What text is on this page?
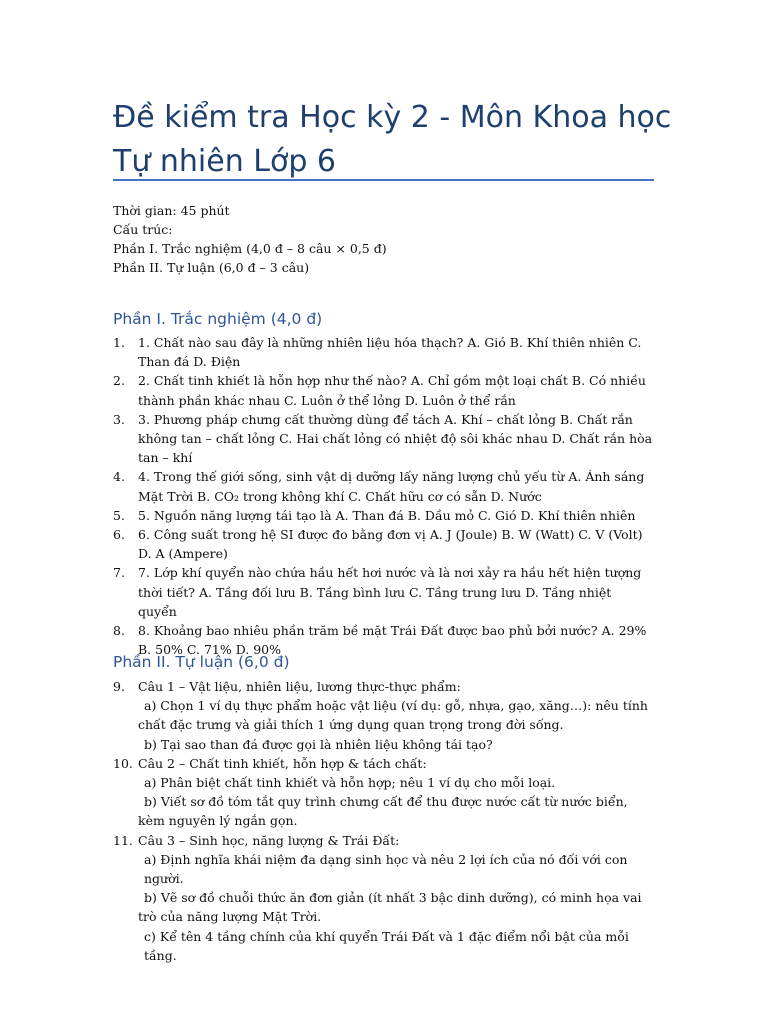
Đề kiểm tra Học kỳ 2 - Môn Khoa học Tự nhiên Lớp 6
Thời gian: 45 phút
Cấu trúc:
Phần I. Trắc nghiệm (4,0 đ – 8 câu × 0,5 đ)
Phần II. Tự luận (6,0 đ – 3 câu)
Phần I. Trắc nghiệm (4,0 đ)
1. 1. Chất nào sau đây là những nhiên liệu hóa thạch? A. Gió B. Khí thiên nhiên C. Than đá D. Điện
2. 2. Chất tinh khiết là hỗn hợp như thế nào? A. Chỉ gồm một loại chất B. Có nhiều thành phần khác nhau C. Luôn ở thể lỏng D. Luôn ở thể rắn
3. 3. Phương pháp chưng cất thường dùng để tách A. Khí – chất lỏng B. Chất rắn không tan – chất lỏng C. Hai chất lỏng có nhiệt độ sôi khác nhau D. Chất rắn hòa tan – khí
4. 4. Trong thế giới sống, sinh vật dị dưỡng lấy năng lượng chủ yếu từ A. Ánh sáng Mặt Trời B. CO₂ trong không khí C. Chất hữu cơ có sẵn D. Nước
5. 5. Nguồn năng lượng tái tạo là A. Than đá B. Dầu mỏ C. Gió D. Khí thiên nhiên
6. 6. Công suất trong hệ SI được đo bằng đơn vị A. J (Joule) B. W (Watt) C. V (Volt) D. A (Ampere)
7. 7. Lớp khí quyển nào chứa hầu hết hơi nước và là nơi xảy ra hầu hết hiện tượng thời tiết? A. Tầng đối lưu B. Tầng bình lưu C. Tầng trung lưu D. Tầng nhiệt quyển
8. 8. Khoảng bao nhiêu phần trăm bề mặt Trái Đất được bao phủ bởi nước? A. 29% B. 50% C. 71% D. 90%
Phần II. Tự luận (6,0 đ)
9. Câu 1 – Vật liệu, nhiên liệu, lương thực-thực phẩm:
a) Chọn 1 ví dụ thực phẩm hoặc vật liệu (ví dụ: gỗ, nhựa, gạo, xăng…): nêu tính chất đặc trưng và giải thích 1 ứng dụng quan trọng trong đời sống.
b) Tại sao than đá được gọi là nhiên liệu không tái tạo?
10. Câu 2 – Chất tinh khiết, hỗn hợp & tách chất:
a) Phân biệt chất tinh khiết và hỗn hợp; nêu 1 ví dụ cho mỗi loại.
b) Viết sơ đồ tóm tắt quy trình chưng cất để thu được nước cất từ nước biển, kèm nguyên lý ngắn gọn.
11. Câu 3 – Sinh học, năng lượng & Trái Đất:
a) Định nghĩa khái niệm đa dạng sinh học và nêu 2 lợi ích của nó đối với con người.
b) Vẽ sơ đồ chuỗi thức ăn đơn giản (ít nhất 3 bậc dinh dưỡng), có minh họa vai trò của năng lượng Mặt Trời.
c) Kể tên 4 tầng chính của khí quyển Trái Đất và 1 đặc điểm nổi bật của mỗi tầng.
